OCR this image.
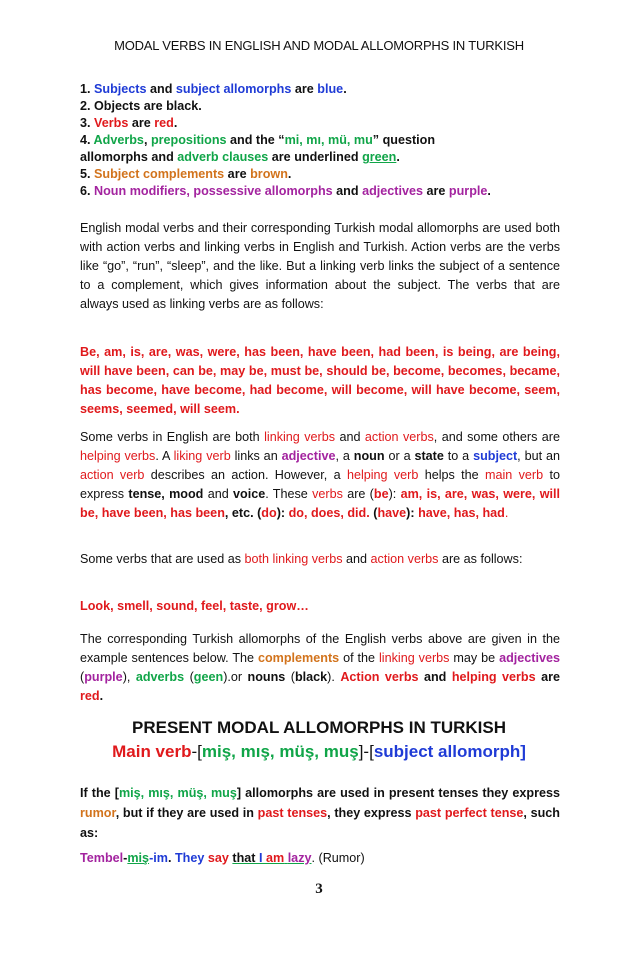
MODAL VERBS IN ENGLISH AND MODAL ALLOMORPHS IN TURKISH
1. Subjects and subject allomorphs are blue.
2. Objects are black.
3. Verbs are red.
4. Adverbs, prepositions and the “mi, mı, mü, mu” question
allomorphs and adverb clauses are underlined green.
5. Subject complements are brown.
6. Noun modifiers, possessive allomorphs and adjectives are purple.
English modal verbs and their corresponding Turkish modal allomorphs are used both with action verbs and linking verbs in English and Turkish. Action verbs are the verbs like “go”, “run”, “sleep”, and the like. But a linking verb links the subject of a sentence to a complement, which gives information about the subject. The verbs that are always used as linking verbs are as follows:
Be, am, is, are, was, were, has been, have been, had been, is being, are being, will have been, can be, may be, must be, should be, become, becomes, became, has become, have become, had become, will become, will have become, seem, seems, seemed, will seem.
Some verbs in English are both linking verbs and action verbs, and some others are helping verbs. A liking verb links an adjective, a noun or a state to a subject, but an action verb describes an action. However, a helping verb helps the main verb to express tense, mood and voice. These verbs are (be): am, is, are, was, were, will be, have been, has been, etc. (do): do, does, did. (have): have, has, had.
Some verbs that are used as both linking verbs and action verbs are as follows:
Look, smell, sound, feel, taste, grow…
The corresponding Turkish allomorphs of the English verbs above are given in the example sentences below. The complements of the linking verbs may be adjectives (purple), adverbs (geen).or nouns (black). Action verbs and helping verbs are red.
PRESENT MODAL ALLOMORPHS IN TURKISH
Main verb-[miş, mış, müş, muş]-[subject allomorph]
If the [miş, mış, müş, muş] allomorphs are used in present tenses they express rumor, but if they are used in past tenses, they express past perfect tense, such as:
Tembel-miş-im. They say that I am lazy. (Rumor)
3
